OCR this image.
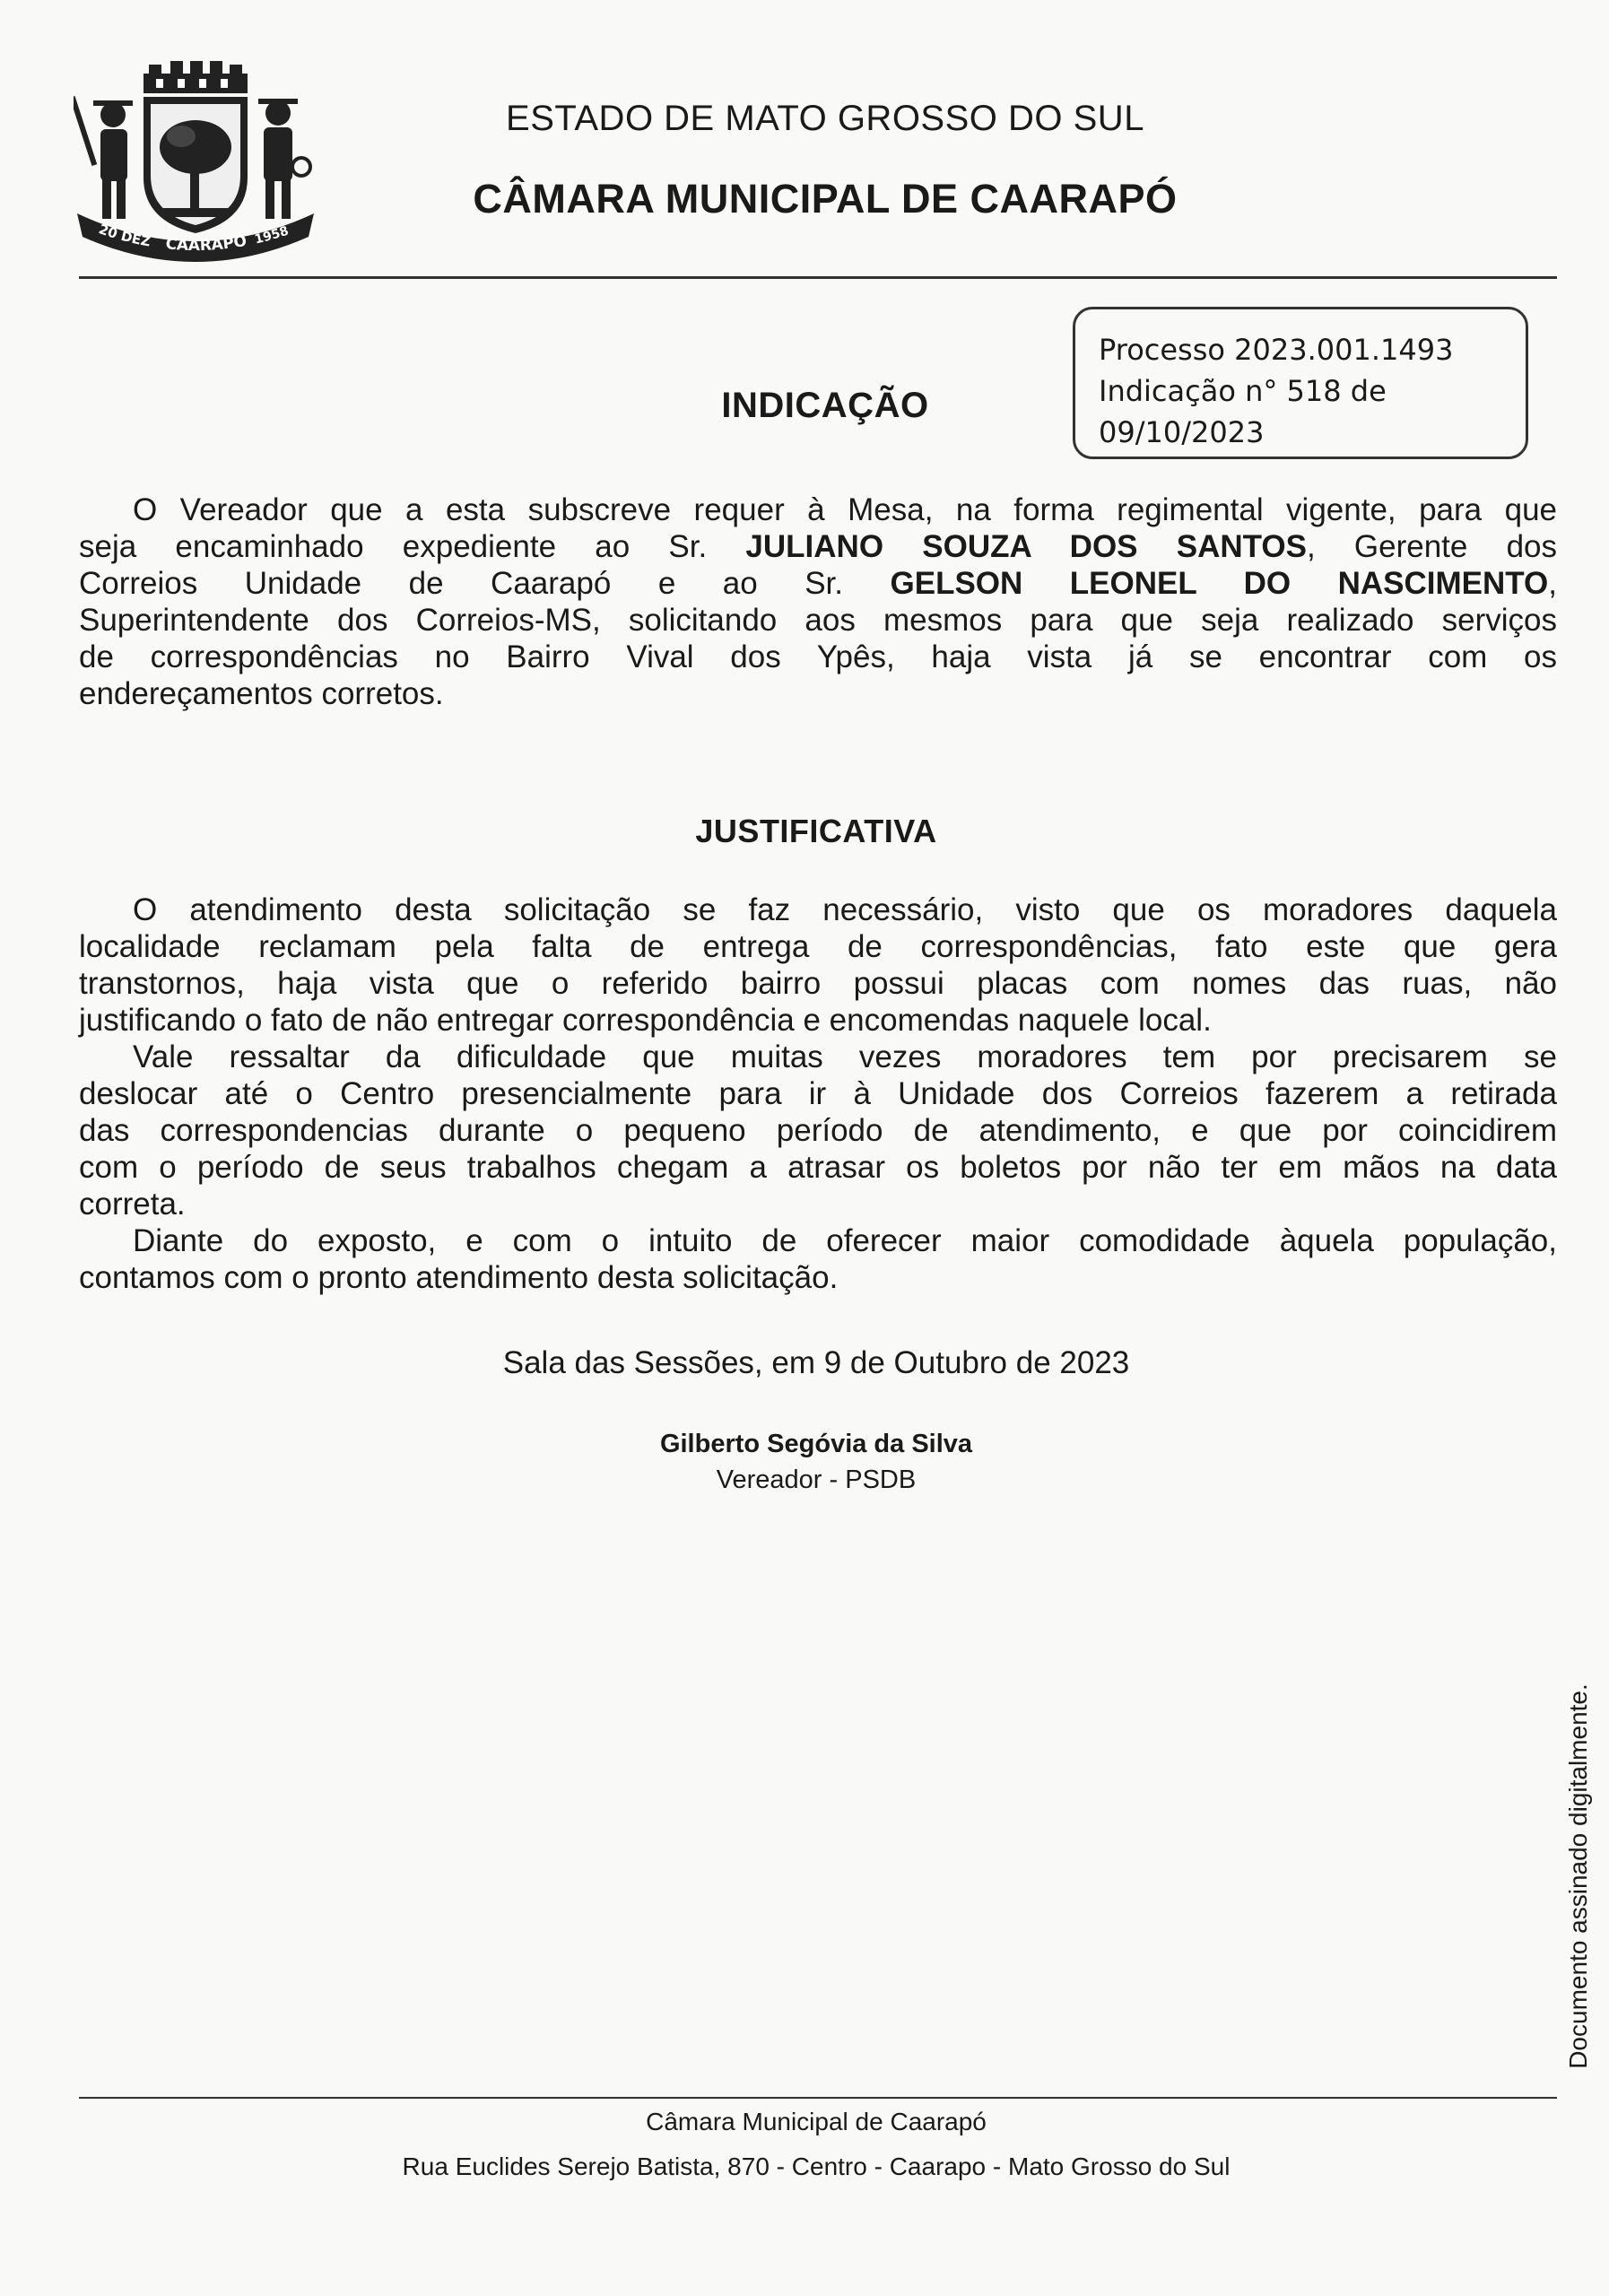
20 DEZ CAARAPÓ 1958
ESTADO DE MATO GROSSO DO SUL
CÂMARA MUNICIPAL DE CAARAPÓ
Processo 2023.001.1493
Indicação n° 518 de
09/10/2023
INDICAÇÃO
O Vereador que a esta subscreve requer à Mesa, na forma regimental vigente, para que
seja encaminhado expediente ao Sr. JULIANO SOUZA DOS SANTOS, Gerente dos
Correios Unidade de Caarapó e ao Sr. GELSON LEONEL DO NASCIMENTO,
Superintendente dos Correios-MS, solicitando aos mesmos para que seja realizado serviços
de correspondências no Bairro Vival dos Ypês, haja vista já se encontrar com os
endereçamentos corretos.
JUSTIFICATIVA
O atendimento desta solicitação se faz necessário, visto que os moradores daquela
localidade reclamam pela falta de entrega de correspondências, fato este que gera
transtornos, haja vista que o referido bairro possui placas com nomes das ruas, não
justificando o fato de não entregar correspondência e encomendas naquele local.
Vale ressaltar da dificuldade que muitas vezes moradores tem por precisarem se
deslocar até o Centro presencialmente para ir à Unidade dos Correios fazerem a retirada
das correspondencias durante o pequeno período de atendimento, e que por coincidirem
com o período de seus trabalhos chegam a atrasar os boletos por não ter em mãos na data
correta.
Diante do exposto, e com o intuito de oferecer maior comodidade àquela população,
contamos com o pronto atendimento desta solicitação.
Sala das Sessões, em 9 de Outubro de 2023
Gilberto Segóvia da Silva
Vereador - PSDB
Documento assinado digitalmente.
Câmara Municipal de Caarapó
Rua Euclides Serejo Batista, 870 - Centro - Caarapo - Mato Grosso do Sul
